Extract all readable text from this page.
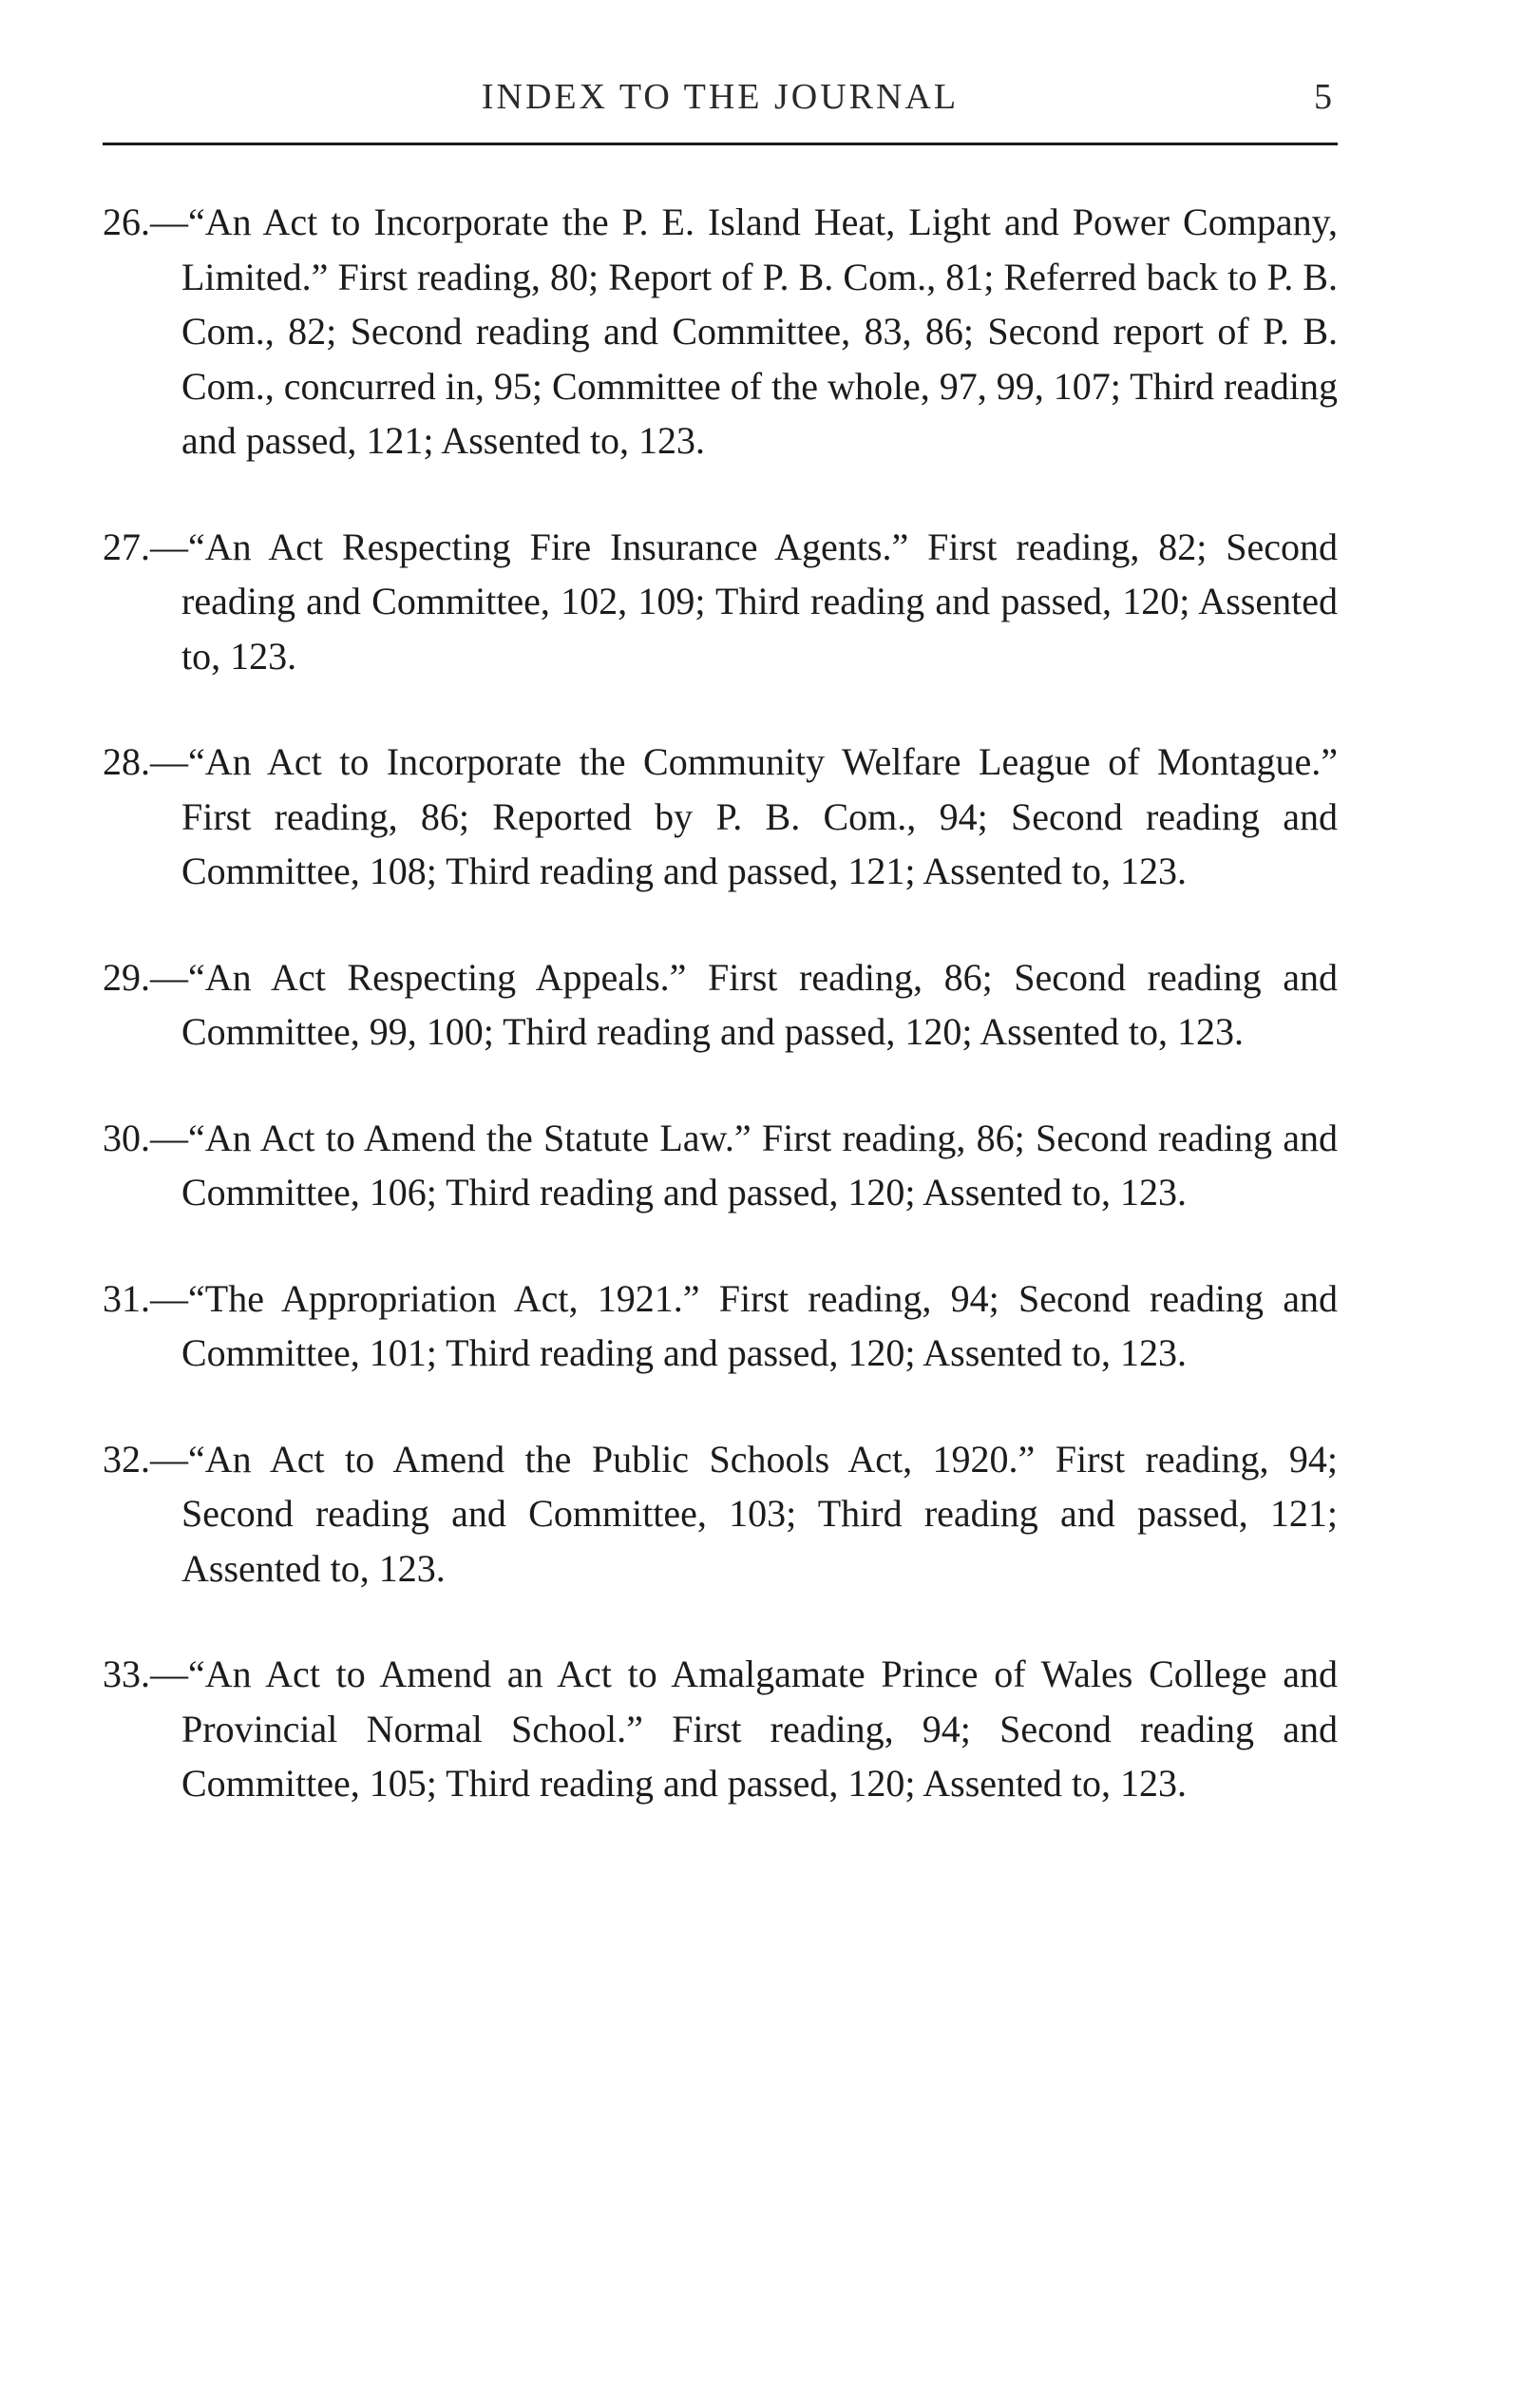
INDEX TO THE JOURNAL	5

26.—“An Act to Incorporate the P. E. Island Heat, Light and Power Company, Limited.” First reading, 80; Report of P. B. Com., 81; Referred back to P. B. Com., 82; Second reading and Committee, 83, 86; Second report of P. B. Com., concurred in, 95; Committee of the whole, 97, 99, 107; Third reading and passed, 121; Assented to, 123.

27.—“An Act Respecting Fire Insurance Agents.” First reading, 82; Second reading and Committee, 102, 109; Third reading and passed, 120; Assented to, 123.

28.—“An Act to Incorporate the Community Welfare League of Montague.” First reading, 86; Reported by P. B. Com., 94; Second reading and Committee, 108; Third reading and passed, 121; Assented to, 123.

29.—“An Act Respecting Appeals.” First reading, 86; Second reading and Committee, 99, 100; Third reading and passed, 120; Assented to, 123.

30.—“An Act to Amend the Statute Law.” First reading, 86; Second reading and Committee, 106; Third reading and passed, 120; Assented to, 123.

31.—“The Appropriation Act, 1921.” First reading, 94; Second reading and Committee, 101; Third reading and passed, 120; Assented to, 123.

32.—“An Act to Amend the Public Schools Act, 1920.” First reading, 94; Second reading and Committee, 103; Third reading and passed, 121; Assented to, 123.

33.—“An Act to Amend an Act to Amalgamate Prince of Wales College and Provincial Normal School.” First reading, 94; Second reading and Committee, 105; Third reading and passed, 120; Assented to, 123.
